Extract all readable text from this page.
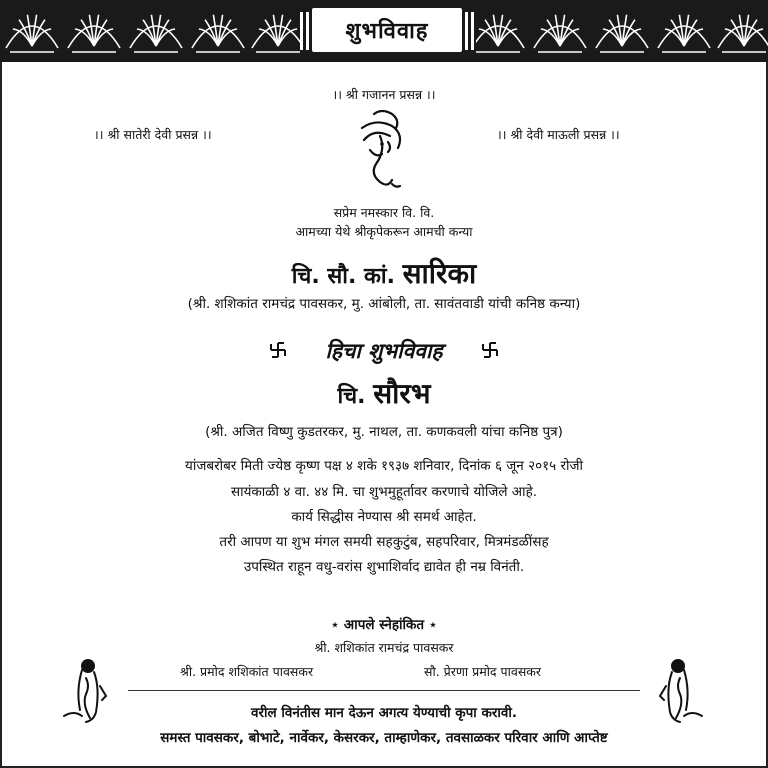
शुभविवाह
।। श्री गजानन प्रसन्न ।।
।। श्री सातेरी देवी प्रसन्न ।।	।। श्री देवी माऊली प्रसन्न ।।
सप्रेम नमस्कार वि. वि.
आमच्या येथे श्रीकृपेकरून आमची कन्या
चि. सौ. कां. सारिका
(श्री. शशिकांत रामचंद्र पावसकर, मु. आंबोली, ता. सावंतवाडी यांची कनिष्ठ कन्या)
हिचा शुभविवाह
चि. सौरभ
(श्री. अजित विष्णु कुडतरकर, मु. नाथल, ता. कणकवली यांचा कनिष्ठ पुत्र)
यांजबरोबर मिती ज्येष्ठ कृष्ण पक्ष ४ शके १९३७ शनिवार, दिनांक ६ जून २०१५ रोजी
सायंकाळी ४ वा. ४४ मि. चा शुभमुहूर्तावर करणाचे योजिले आहे.
कार्य सिद्धीस नेण्यास श्री समर्थ आहेत.
तरी आपण या शुभ मंगल समयी सहकुटुंब, सहपरिवार, मित्रमंडळींसह
उपस्थित राहून वधु-वरांस शुभाशिर्वाद द्यावेत ही नम्र विनंती.
⋆ आपले स्नेहांकित ⋆
श्री. शशिकांत रामचंद्र पावसकर
श्री. प्रमोद शशिकांत पावसकर	सौ. प्रेरणा प्रमोद पावसकर
वरील विनंतीस मान देऊन अगत्य येण्याची कृपा करावी.
समस्त पावसकर, बोभाटे, नार्वेकर, केसरकर, ताम्हाणेकर, तवसाळकर परिवार आणि आप्तेष्ट
